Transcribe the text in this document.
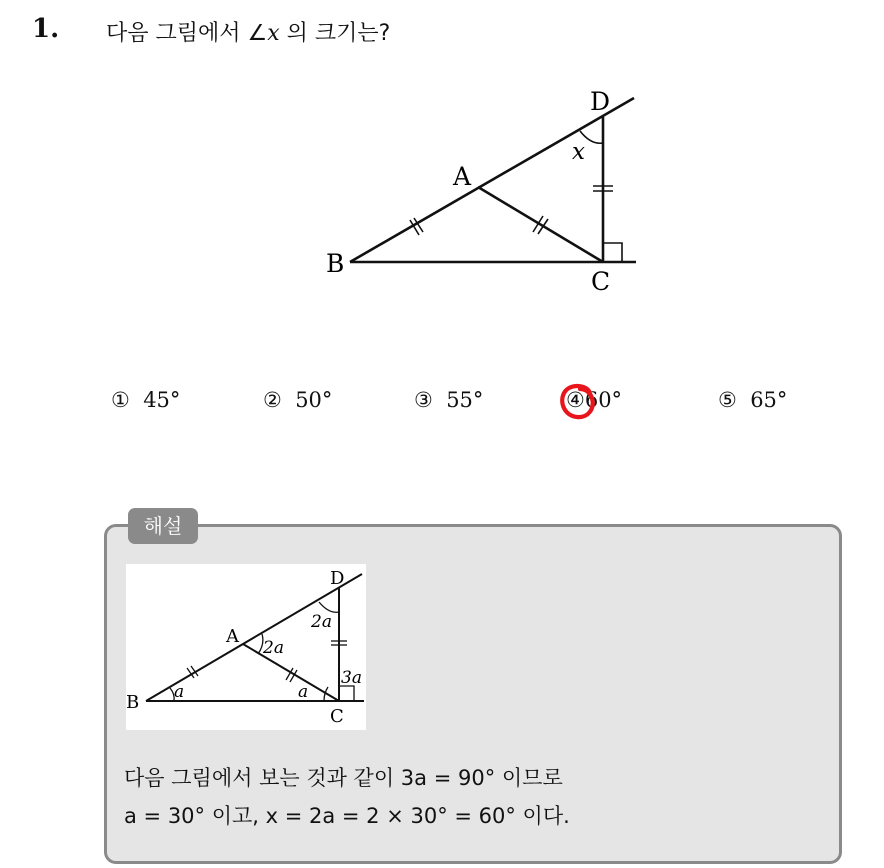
1. 다음 그림에서 ∠x 의 크기는?
D
A
B
C
x
① 45°	② 50°	③ 55°	④60°	⑤ 65°
해설
D
A
B
C
2a
2a
3a
a	a
다음 그림에서 보는 것과 같이 3a = 90° 이므로
a = 30° 이고, x = 2a = 2 × 30° = 60° 이다.
